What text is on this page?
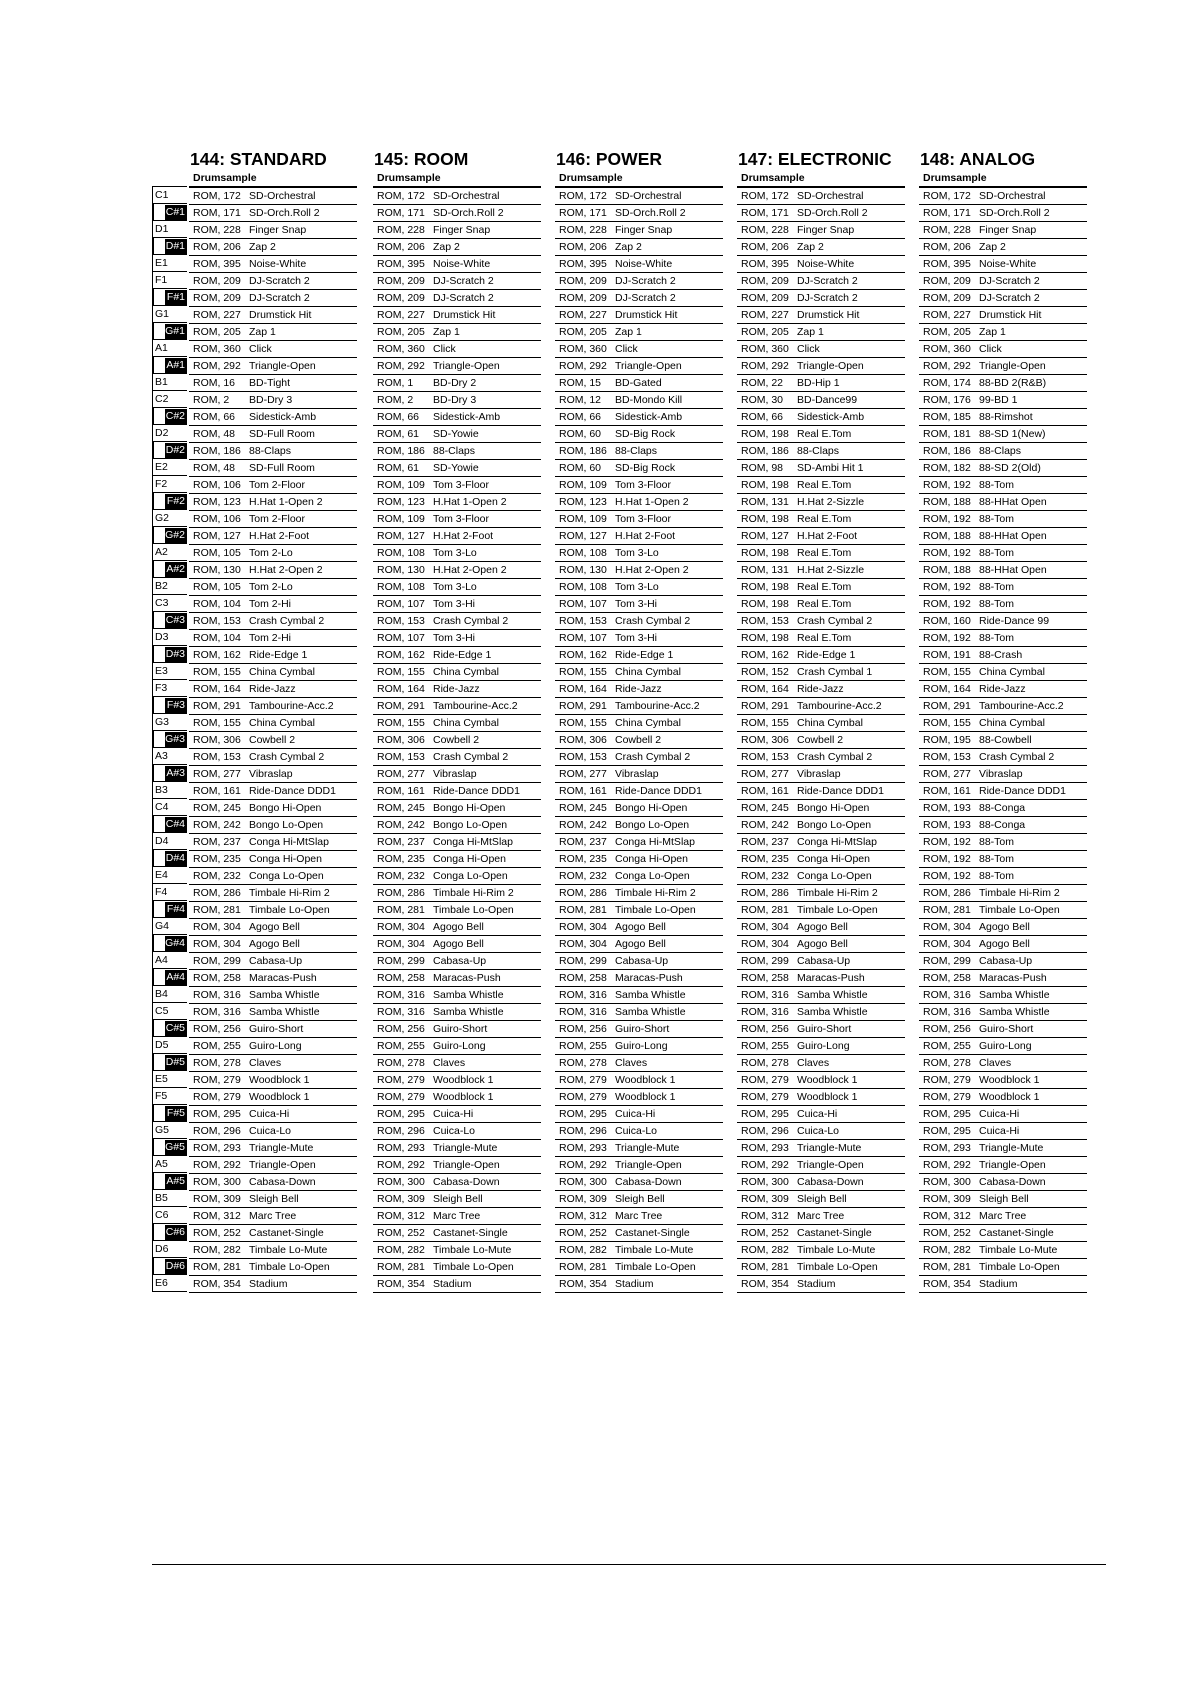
C1
C#1
D1
D#1
E1
F1
F#1
G1
G#1
A1
A#1
B1
C2
C#2
D2
D#2
E2
F2
F#2
G2
G#2
A2
A#2
B2
C3
C#3
D3
D#3
E3
F3
F#3
G3
G#3
A3
A#3
B3
C4
C#4
D4
D#4
E4
F4
F#4
G4
G#4
A4
A#4
B4
C5
C#5
D5
D#5
E5
F5
F#5
G5
G#5
A5
A#5
B5
C6
C#6
D6
D#6
E6
144: STANDARD
Drumsample
ROM, 172 SD-Orchestral
ROM, 171 SD-Orch.Roll 2
ROM, 228 Finger Snap
ROM, 206 Zap 2
ROM, 395 Noise-White
ROM, 209 DJ-Scratch 2
ROM, 209 DJ-Scratch 2
ROM, 227 Drumstick Hit
ROM, 205 Zap 1
ROM, 360 Click
ROM, 292 Triangle-Open
ROM, 16 BD-Tight
ROM, 2 BD-Dry 3
ROM, 66 Sidestick-Amb
ROM, 48 SD-Full Room
ROM, 186 88-Claps
ROM, 48 SD-Full Room
ROM, 106 Tom 2-Floor
ROM, 123 H.Hat 1-Open 2
ROM, 106 Tom 2-Floor
ROM, 127 H.Hat 2-Foot
ROM, 105 Tom 2-Lo
ROM, 130 H.Hat 2-Open 2
ROM, 105 Tom 2-Lo
ROM, 104 Tom 2-Hi
ROM, 153 Crash Cymbal 2
ROM, 104 Tom 2-Hi
ROM, 162 Ride-Edge 1
ROM, 155 China Cymbal
ROM, 164 Ride-Jazz
ROM, 291 Tambourine-Acc.2
ROM, 155 China Cymbal
ROM, 306 Cowbell 2
ROM, 153 Crash Cymbal 2
ROM, 277 Vibraslap
ROM, 161 Ride-Dance DDD1
ROM, 245 Bongo Hi-Open
ROM, 242 Bongo Lo-Open
ROM, 237 Conga Hi-MtSlap
ROM, 235 Conga Hi-Open
ROM, 232 Conga Lo-Open
ROM, 286 Timbale Hi-Rim 2
ROM, 281 Timbale Lo-Open
ROM, 304 Agogo Bell
ROM, 304 Agogo Bell
ROM, 299 Cabasa-Up
ROM, 258 Maracas-Push
ROM, 316 Samba Whistle
ROM, 316 Samba Whistle
ROM, 256 Guiro-Short
ROM, 255 Guiro-Long
ROM, 278 Claves
ROM, 279 Woodblock 1
ROM, 279 Woodblock 1
ROM, 295 Cuica-Hi
ROM, 296 Cuica-Lo
ROM, 293 Triangle-Mute
ROM, 292 Triangle-Open
ROM, 300 Cabasa-Down
ROM, 309 Sleigh Bell
ROM, 312 Marc Tree
ROM, 252 Castanet-Single
ROM, 282 Timbale Lo-Mute
ROM, 281 Timbale Lo-Open
ROM, 354 Stadium
145: ROOM
Drumsample
ROM, 172 SD-Orchestral
ROM, 171 SD-Orch.Roll 2
ROM, 228 Finger Snap
ROM, 206 Zap 2
ROM, 395 Noise-White
ROM, 209 DJ-Scratch 2
ROM, 209 DJ-Scratch 2
ROM, 227 Drumstick Hit
ROM, 205 Zap 1
ROM, 360 Click
ROM, 292 Triangle-Open
ROM, 1 BD-Dry 2
ROM, 2 BD-Dry 3
ROM, 66 Sidestick-Amb
ROM, 61 SD-Yowie
ROM, 186 88-Claps
ROM, 61 SD-Yowie
ROM, 109 Tom 3-Floor
ROM, 123 H.Hat 1-Open 2
ROM, 109 Tom 3-Floor
ROM, 127 H.Hat 2-Foot
ROM, 108 Tom 3-Lo
ROM, 130 H.Hat 2-Open 2
ROM, 108 Tom 3-Lo
ROM, 107 Tom 3-Hi
ROM, 153 Crash Cymbal 2
ROM, 107 Tom 3-Hi
ROM, 162 Ride-Edge 1
ROM, 155 China Cymbal
ROM, 164 Ride-Jazz
ROM, 291 Tambourine-Acc.2
ROM, 155 China Cymbal
ROM, 306 Cowbell 2
ROM, 153 Crash Cymbal 2
ROM, 277 Vibraslap
ROM, 161 Ride-Dance DDD1
ROM, 245 Bongo Hi-Open
ROM, 242 Bongo Lo-Open
ROM, 237 Conga Hi-MtSlap
ROM, 235 Conga Hi-Open
ROM, 232 Conga Lo-Open
ROM, 286 Timbale Hi-Rim 2
ROM, 281 Timbale Lo-Open
ROM, 304 Agogo Bell
ROM, 304 Agogo Bell
ROM, 299 Cabasa-Up
ROM, 258 Maracas-Push
ROM, 316 Samba Whistle
ROM, 316 Samba Whistle
ROM, 256 Guiro-Short
ROM, 255 Guiro-Long
ROM, 278 Claves
ROM, 279 Woodblock 1
ROM, 279 Woodblock 1
ROM, 295 Cuica-Hi
ROM, 296 Cuica-Lo
ROM, 293 Triangle-Mute
ROM, 292 Triangle-Open
ROM, 300 Cabasa-Down
ROM, 309 Sleigh Bell
ROM, 312 Marc Tree
ROM, 252 Castanet-Single
ROM, 282 Timbale Lo-Mute
ROM, 281 Timbale Lo-Open
ROM, 354 Stadium
146: POWER
Drumsample
ROM, 172 SD-Orchestral
ROM, 171 SD-Orch.Roll 2
ROM, 228 Finger Snap
ROM, 206 Zap 2
ROM, 395 Noise-White
ROM, 209 DJ-Scratch 2
ROM, 209 DJ-Scratch 2
ROM, 227 Drumstick Hit
ROM, 205 Zap 1
ROM, 360 Click
ROM, 292 Triangle-Open
ROM, 15 BD-Gated
ROM, 12 BD-Mondo Kill
ROM, 66 Sidestick-Amb
ROM, 60 SD-Big Rock
ROM, 186 88-Claps
ROM, 60 SD-Big Rock
ROM, 109 Tom 3-Floor
ROM, 123 H.Hat 1-Open 2
ROM, 109 Tom 3-Floor
ROM, 127 H.Hat 2-Foot
ROM, 108 Tom 3-Lo
ROM, 130 H.Hat 2-Open 2
ROM, 108 Tom 3-Lo
ROM, 107 Tom 3-Hi
ROM, 153 Crash Cymbal 2
ROM, 107 Tom 3-Hi
ROM, 162 Ride-Edge 1
ROM, 155 China Cymbal
ROM, 164 Ride-Jazz
ROM, 291 Tambourine-Acc.2
ROM, 155 China Cymbal
ROM, 306 Cowbell 2
ROM, 153 Crash Cymbal 2
ROM, 277 Vibraslap
ROM, 161 Ride-Dance DDD1
ROM, 245 Bongo Hi-Open
ROM, 242 Bongo Lo-Open
ROM, 237 Conga Hi-MtSlap
ROM, 235 Conga Hi-Open
ROM, 232 Conga Lo-Open
ROM, 286 Timbale Hi-Rim 2
ROM, 281 Timbale Lo-Open
ROM, 304 Agogo Bell
ROM, 304 Agogo Bell
ROM, 299 Cabasa-Up
ROM, 258 Maracas-Push
ROM, 316 Samba Whistle
ROM, 316 Samba Whistle
ROM, 256 Guiro-Short
ROM, 255 Guiro-Long
ROM, 278 Claves
ROM, 279 Woodblock 1
ROM, 279 Woodblock 1
ROM, 295 Cuica-Hi
ROM, 296 Cuica-Lo
ROM, 293 Triangle-Mute
ROM, 292 Triangle-Open
ROM, 300 Cabasa-Down
ROM, 309 Sleigh Bell
ROM, 312 Marc Tree
ROM, 252 Castanet-Single
ROM, 282 Timbale Lo-Mute
ROM, 281 Timbale Lo-Open
ROM, 354 Stadium
147: ELECTRONIC
Drumsample
ROM, 172 SD-Orchestral
ROM, 171 SD-Orch.Roll 2
ROM, 228 Finger Snap
ROM, 206 Zap 2
ROM, 395 Noise-White
ROM, 209 DJ-Scratch 2
ROM, 209 DJ-Scratch 2
ROM, 227 Drumstick Hit
ROM, 205 Zap 1
ROM, 360 Click
ROM, 292 Triangle-Open
ROM, 22 BD-Hip 1
ROM, 30 BD-Dance99
ROM, 66 Sidestick-Amb
ROM, 198 Real E.Tom
ROM, 186 88-Claps
ROM, 98 SD-Ambi Hit 1
ROM, 198 Real E.Tom
ROM, 131 H.Hat 2-Sizzle
ROM, 198 Real E.Tom
ROM, 127 H.Hat 2-Foot
ROM, 198 Real E.Tom
ROM, 131 H.Hat 2-Sizzle
ROM, 198 Real E.Tom
ROM, 198 Real E.Tom
ROM, 153 Crash Cymbal 2
ROM, 198 Real E.Tom
ROM, 162 Ride-Edge 1
ROM, 152 Crash Cymbal 1
ROM, 164 Ride-Jazz
ROM, 291 Tambourine-Acc.2
ROM, 155 China Cymbal
ROM, 306 Cowbell 2
ROM, 153 Crash Cymbal 2
ROM, 277 Vibraslap
ROM, 161 Ride-Dance DDD1
ROM, 245 Bongo Hi-Open
ROM, 242 Bongo Lo-Open
ROM, 237 Conga Hi-MtSlap
ROM, 235 Conga Hi-Open
ROM, 232 Conga Lo-Open
ROM, 286 Timbale Hi-Rim 2
ROM, 281 Timbale Lo-Open
ROM, 304 Agogo Bell
ROM, 304 Agogo Bell
ROM, 299 Cabasa-Up
ROM, 258 Maracas-Push
ROM, 316 Samba Whistle
ROM, 316 Samba Whistle
ROM, 256 Guiro-Short
ROM, 255 Guiro-Long
ROM, 278 Claves
ROM, 279 Woodblock 1
ROM, 279 Woodblock 1
ROM, 295 Cuica-Hi
ROM, 296 Cuica-Lo
ROM, 293 Triangle-Mute
ROM, 292 Triangle-Open
ROM, 300 Cabasa-Down
ROM, 309 Sleigh Bell
ROM, 312 Marc Tree
ROM, 252 Castanet-Single
ROM, 282 Timbale Lo-Mute
ROM, 281 Timbale Lo-Open
ROM, 354 Stadium
148: ANALOG
Drumsample
ROM, 172 SD-Orchestral
ROM, 171 SD-Orch.Roll 2
ROM, 228 Finger Snap
ROM, 206 Zap 2
ROM, 395 Noise-White
ROM, 209 DJ-Scratch 2
ROM, 209 DJ-Scratch 2
ROM, 227 Drumstick Hit
ROM, 205 Zap 1
ROM, 360 Click
ROM, 292 Triangle-Open
ROM, 174 88-BD 2(R&B)
ROM, 176 99-BD 1
ROM, 185 88-Rimshot
ROM, 181 88-SD 1(New)
ROM, 186 88-Claps
ROM, 182 88-SD 2(Old)
ROM, 192 88-Tom
ROM, 188 88-HHat Open
ROM, 192 88-Tom
ROM, 188 88-HHat Open
ROM, 192 88-Tom
ROM, 188 88-HHat Open
ROM, 192 88-Tom
ROM, 192 88-Tom
ROM, 160 Ride-Dance 99
ROM, 192 88-Tom
ROM, 191 88-Crash
ROM, 155 China Cymbal
ROM, 164 Ride-Jazz
ROM, 291 Tambourine-Acc.2
ROM, 155 China Cymbal
ROM, 195 88-Cowbell
ROM, 153 Crash Cymbal 2
ROM, 277 Vibraslap
ROM, 161 Ride-Dance DDD1
ROM, 193 88-Conga
ROM, 193 88-Conga
ROM, 192 88-Tom
ROM, 192 88-Tom
ROM, 192 88-Tom
ROM, 286 Timbale Hi-Rim 2
ROM, 281 Timbale Lo-Open
ROM, 304 Agogo Bell
ROM, 304 Agogo Bell
ROM, 299 Cabasa-Up
ROM, 258 Maracas-Push
ROM, 316 Samba Whistle
ROM, 316 Samba Whistle
ROM, 256 Guiro-Short
ROM, 255 Guiro-Long
ROM, 278 Claves
ROM, 279 Woodblock 1
ROM, 279 Woodblock 1
ROM, 295 Cuica-Hi
ROM, 295 Cuica-Hi
ROM, 293 Triangle-Mute
ROM, 292 Triangle-Open
ROM, 300 Cabasa-Down
ROM, 309 Sleigh Bell
ROM, 312 Marc Tree
ROM, 252 Castanet-Single
ROM, 282 Timbale Lo-Mute
ROM, 281 Timbale Lo-Open
ROM, 354 Stadium
